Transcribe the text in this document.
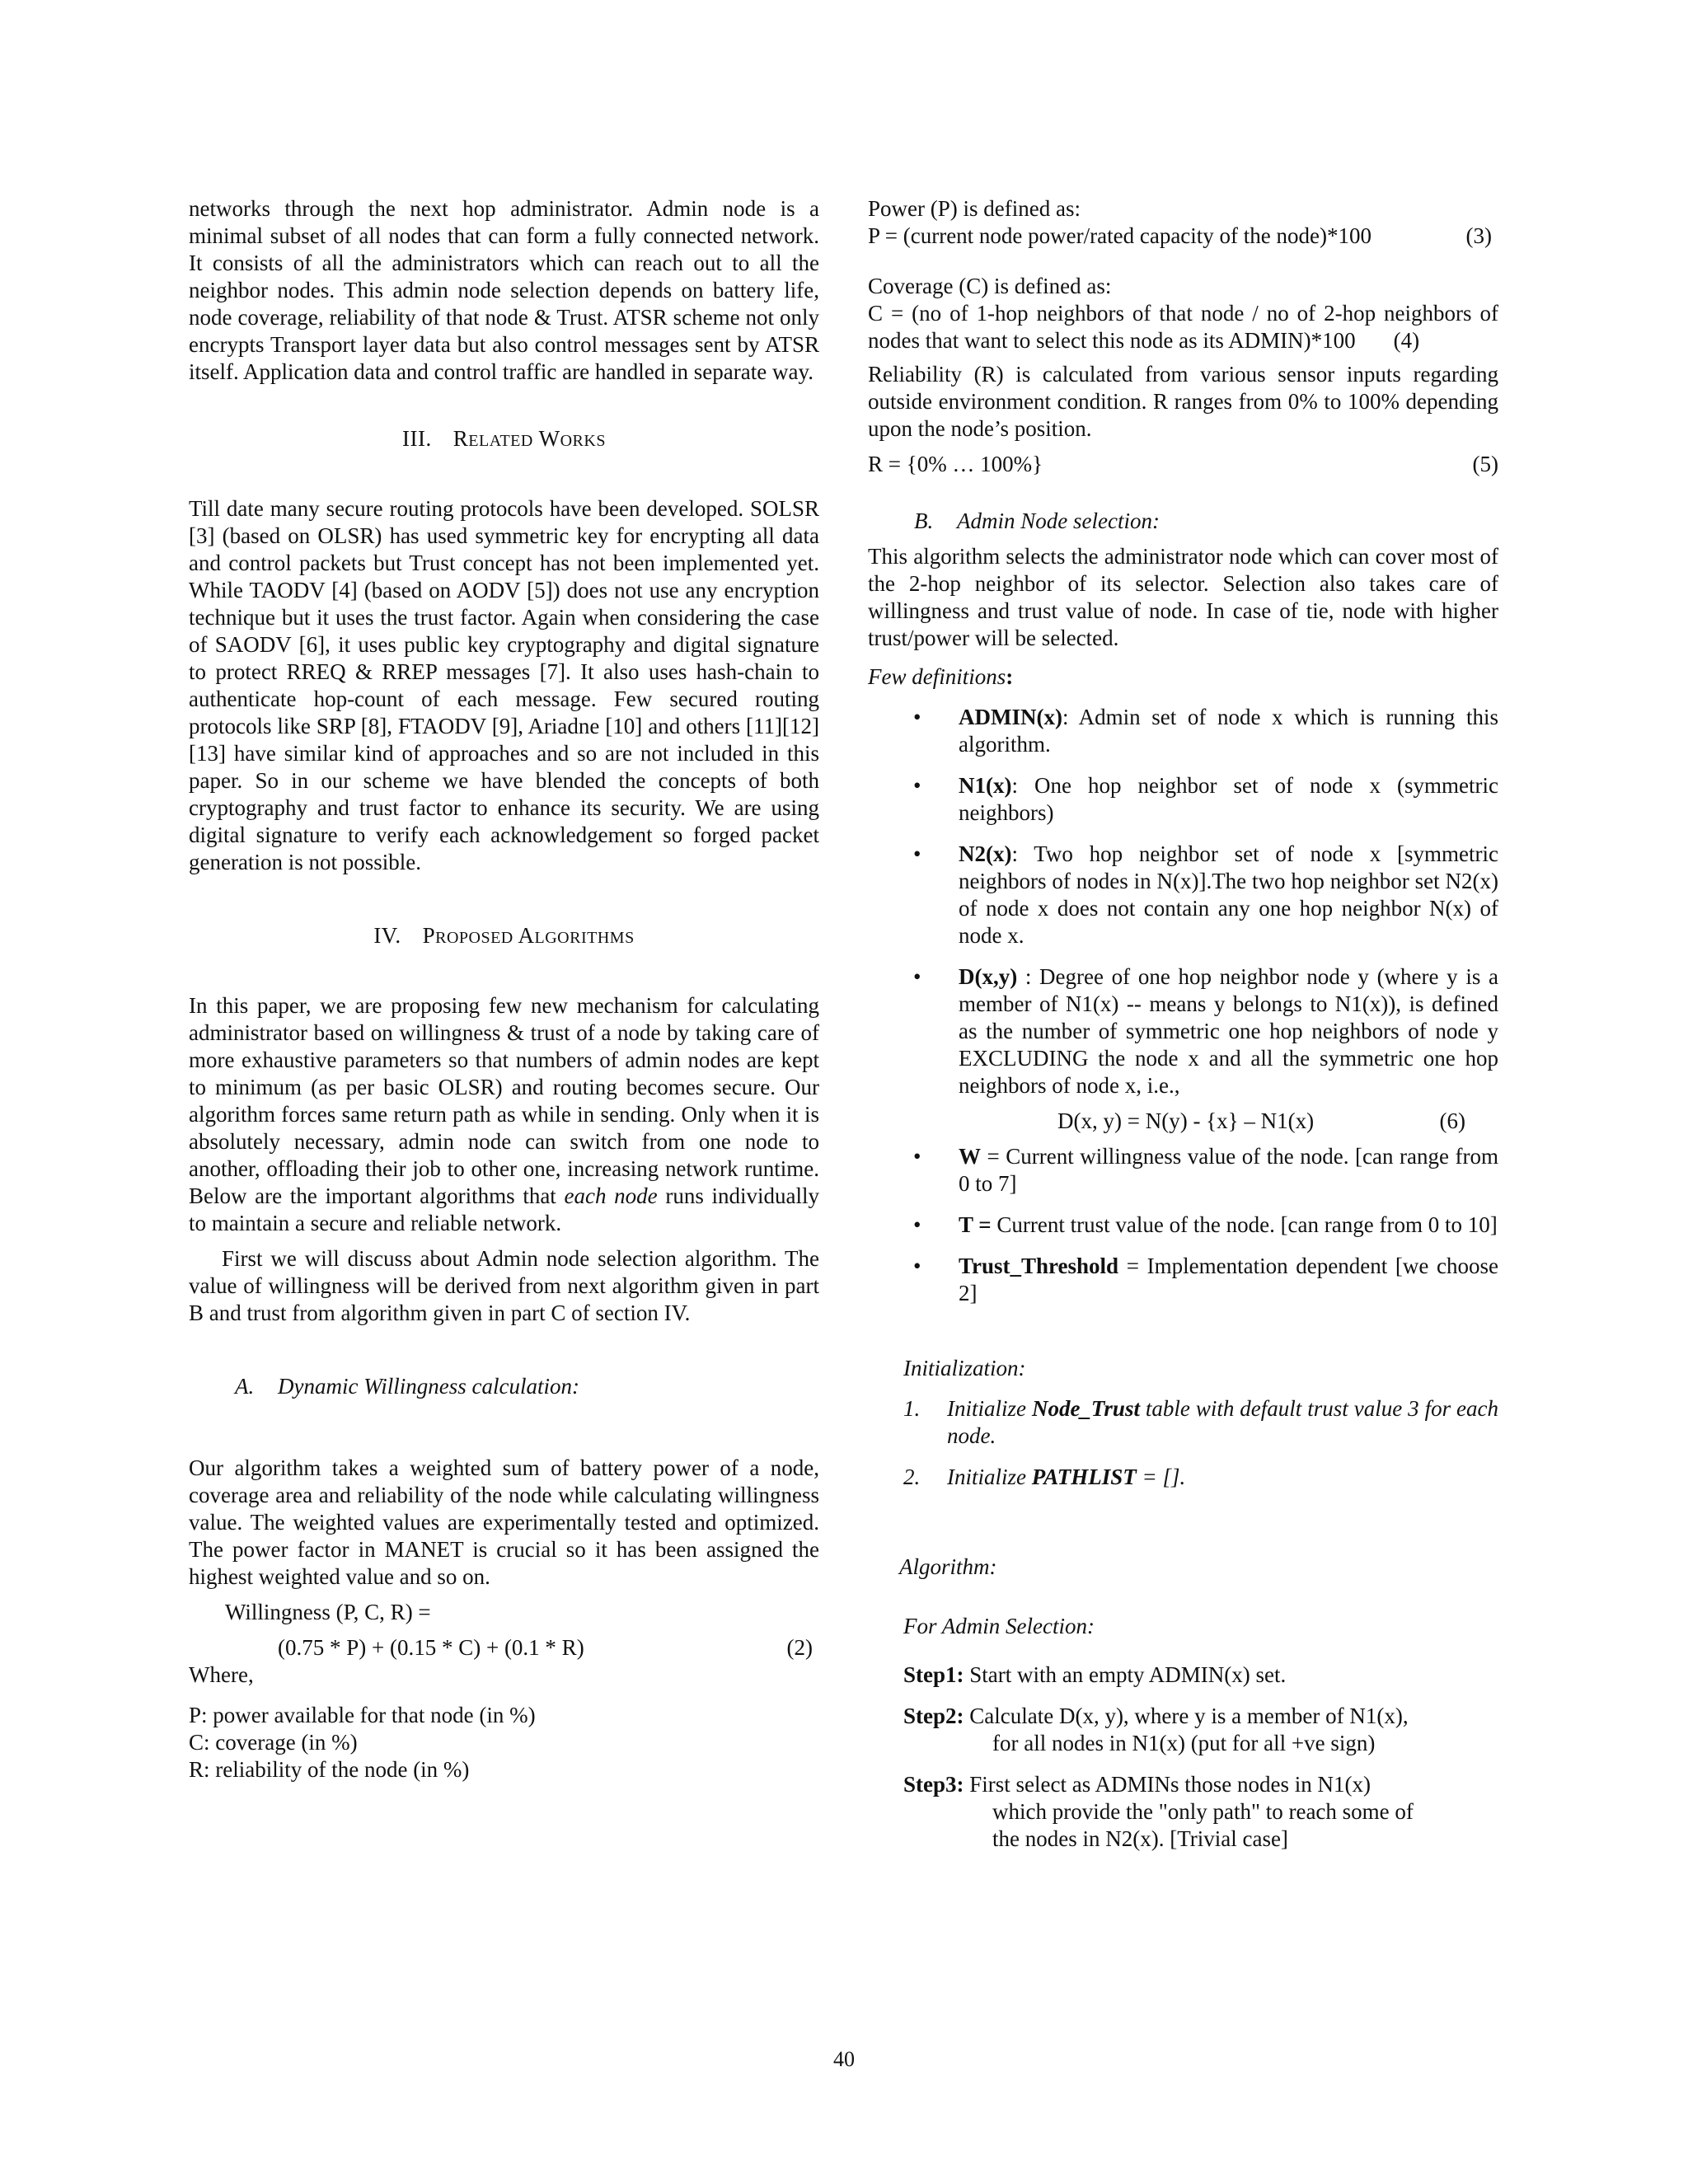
networks through the next hop administrator. Admin node is a minimal subset of all nodes that can form a fully connected network. It consists of all the administrators which can reach out to all the neighbor nodes. This admin node selection depends on battery life, node coverage, reliability of that node & Trust. ATSR scheme not only encrypts Transport layer data but also control messages sent by ATSR itself. Application data and control traffic are handled in separate way.

III. RELATED WORKS

Till date many secure routing protocols have been developed. SOLSR [3] (based on OLSR) has used symmetric key for encrypting all data and control packets but Trust concept has not been implemented yet. While TAODV [4] (based on AODV [5]) does not use any encryption technique but it uses the trust factor. Again when considering the case of SAODV [6], it uses public key cryptography and digital signature to protect RREQ & RREP messages [7]. It also uses hash-chain to authenticate hop-count of each message. Few secured routing protocols like SRP [8], FTAODV [9], Ariadne [10] and others [11][12][13] have similar kind of approaches and so are not included in this paper. So in our scheme we have blended the concepts of both cryptography and trust factor to enhance its security. We are using digital signature to verify each acknowledgement so forged packet generation is not possible.

IV. PROPOSED ALGORITHMS

In this paper, we are proposing few new mechanism for calculating administrator based on willingness & trust of a node by taking care of more exhaustive parameters so that numbers of admin nodes are kept to minimum (as per basic OLSR) and routing becomes secure. Our algorithm forces same return path as while in sending. Only when it is absolutely necessary, admin node can switch from one node to another, offloading their job to other one, increasing network runtime. Below are the important algorithms that each node runs individually to maintain a secure and reliable network.

First we will discuss about Admin node selection algorithm. The value of willingness will be derived from next algorithm given in part B and trust from algorithm given in part C of section IV.

A. Dynamic Willingness calculation:

Our algorithm takes a weighted sum of battery power of a node, coverage area and reliability of the node while calculating willingness value. The weighted values are experimentally tested and optimized. The power factor in MANET is crucial so it has been assigned the highest weighted value and so on.

Willingness (P, C, R) =

(0.75 * P) + (0.15 * C) + (0.1 * R)	(2)

Where,

P: power available for that node (in %)

C: coverage (in %)

R: reliability of the node (in %)

Power (P) is defined as:

P = (current node power/rated capacity of the node)*100	(3)

Coverage (C) is defined as:

C = (no of 1-hop neighbors of that node / no of 2-hop neighbors of nodes that want to select this node as its ADMIN)*100 (4)

Reliability (R) is calculated from various sensor inputs regarding outside environment condition. R ranges from 0% to 100% depending upon the node’s position.

R = {0% … 100%}	(5)

B. Admin Node selection:

This algorithm selects the administrator node which can cover most of the 2-hop neighbor of its selector. Selection also takes care of willingness and trust value of node. In case of tie, node with higher trust/power will be selected.

Few definitions:

• ADMIN(x): Admin set of node x which is running this algorithm.
• N1(x): One hop neighbor set of node x (symmetric neighbors)
• N2(x): Two hop neighbor set of node x [symmetric neighbors of nodes in N(x)].The two hop neighbor set N2(x) of node x does not contain any one hop neighbor N(x) of node x.
• D(x,y) : Degree of one hop neighbor node y (where y is a member of N1(x) -- means y belongs to N1(x)), is defined as the number of symmetric one hop neighbors of node y EXCLUDING the node x and all the symmetric one hop neighbors of node x, i.e.,
D(x, y) = N(y) - {x} – N1(x)	(6)
• W = Current willingness value of the node. [can range from 0 to 7]
• T = Current trust value of the node. [can range from 0 to 10]
• Trust_Threshold = Implementation dependent [we choose 2]

Initialization:

1. Initialize Node_Trust table with default trust value 3 for each node.
2. Initialize PATHLIST = [].

Algorithm:

For Admin Selection:

Step1: Start with an empty ADMIN(x) set.
Step2: Calculate D(x, y), where y is a member of N1(x),
for all nodes in N1(x) (put for all +ve sign)
Step3: First select as ADMINs those nodes in N1(x)
which provide the "only path" to reach some of
the nodes in N2(x). [Trivial case]
40
